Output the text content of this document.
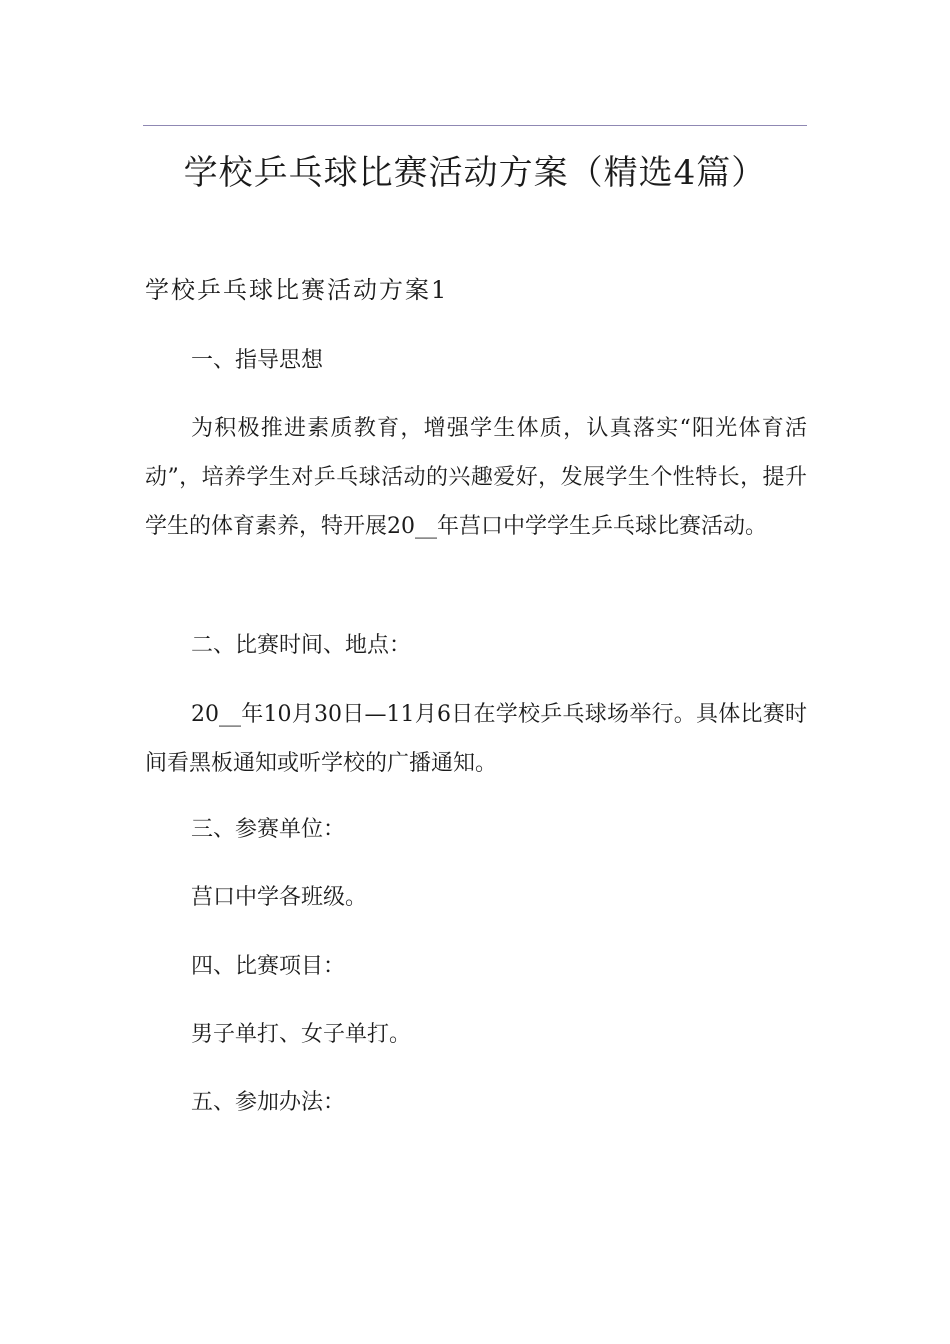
学校乒乓球比赛活动方案（精选4篇）
学校乒乓球比赛活动方案1

一、指导思想

为积极推进素质教育，增强学生体质，认真落实“阳光体育活动”，培养学生对乒乓球活动的兴趣爱好，发展学生个性特长，提升学生的体育素养，特开展20__年莒口中学学生乒乓球比赛活动。

二、比赛时间、地点：

20__年10月30日—11月6日在学校乒乓球场举行。具体比赛时间看黑板通知或听学校的广播通知。

三、参赛单位：

莒口中学各班级。

四、比赛项目：

男子单打、女子单打。

五、参加办法：
